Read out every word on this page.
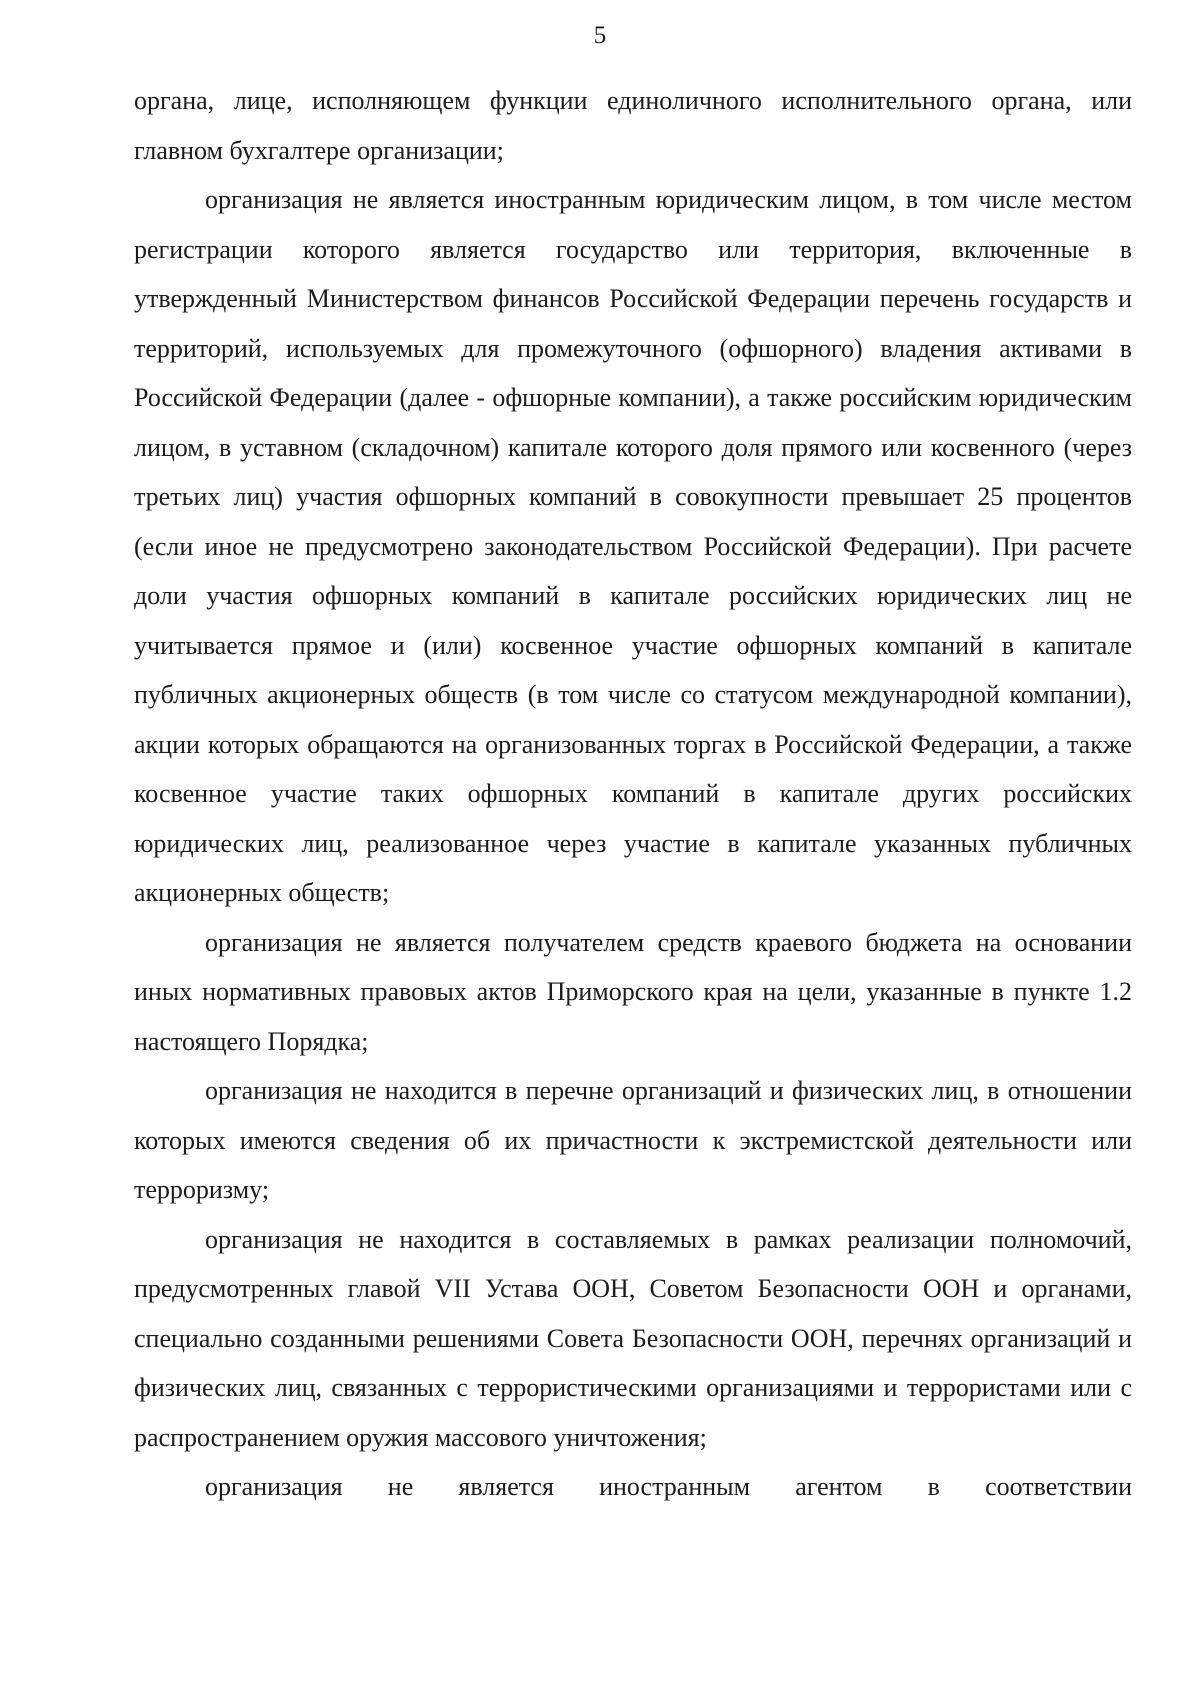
5

органа, лице, исполняющем функции единоличного исполнительного органа, или главном бухгалтере организации;

организация не является иностранным юридическим лицом, в том числе местом регистрации которого является государство или территория, включенные в утвержденный Министерством финансов Российской Федерации перечень государств и территорий, используемых для промежуточного (офшорного) владения активами в Российской Федерации (далее - офшорные компании), а также российским юридическим лицом, в уставном (складочном) капитале которого доля прямого или косвенного (через третьих лиц) участия офшорных компаний в совокупности превышает 25 процентов (если иное не предусмотрено законодательством Российской Федерации). При расчете доли участия офшорных компаний в капитале российских юридических лиц не учитывается прямое и (или) косвенное участие офшорных компаний в капитале публичных акционерных обществ (в том числе со статусом международной компании), акции которых обращаются на организованных торгах в Российской Федерации, а также косвенное участие таких офшорных компаний в капитале других российских юридических лиц, реализованное через участие в капитале указанных публичных акционерных обществ;

организация не является получателем средств краевого бюджета на основании иных нормативных правовых актов Приморского края на цели, указанные в пункте 1.2 настоящего Порядка;

организация не находится в перечне организаций и физических лиц, в отношении которых имеются сведения об их причастности к экстремистской деятельности или терроризму;

организация не находится в составляемых в рамках реализации полномочий, предусмотренных главой VII Устава ООН, Советом Безопасности ООН и органами, специально созданными решениями Совета Безопасности ООН, перечнях организаций и физических лиц, связанных с террористическими организациями и террористами или с распространением оружия массового уничтожения;

организация не является иностранным агентом в соответствии
